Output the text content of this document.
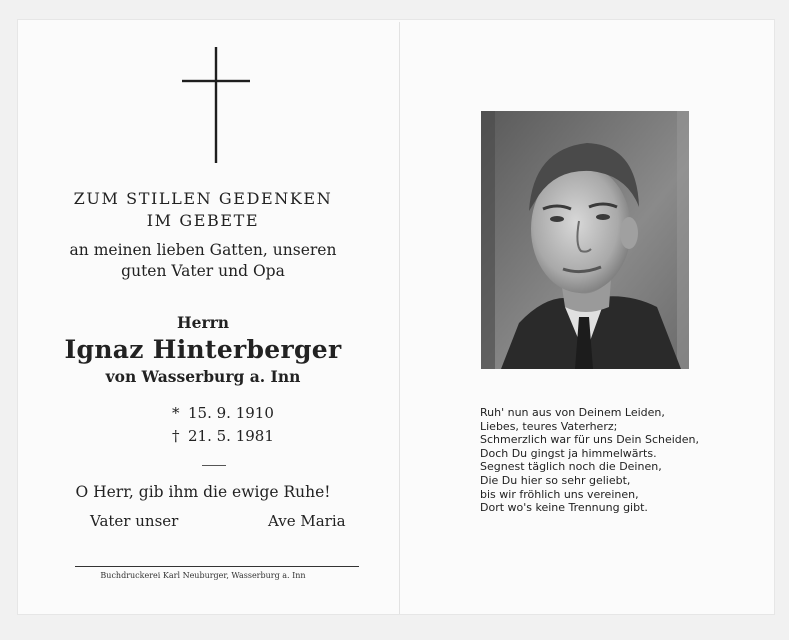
ZUM STILLEN GEDENKEN
IM GEBETE
an meinen lieben Gatten, unseren
guten Vater und Opa
Herrn
Ignaz Hinterberger
von Wasserburg a. Inn
* 15. 9. 1910
† 21. 5. 1981
O Herr, gib ihm die ewige Ruhe!
Vater unser	Ave Maria
Buchdruckerei Karl Neuburger, Wasserburg a. Inn
Ruh' nun aus von Deinem Leiden,
Liebes, teures Vaterherz;
Schmerzlich war für uns Dein Scheiden,
Doch Du gingst ja himmelwärts.
Segnest täglich noch die Deinen,
Die Du hier so sehr geliebt,
bis wir fröhlich uns vereinen,
Dort wo's keine Trennung gibt.
